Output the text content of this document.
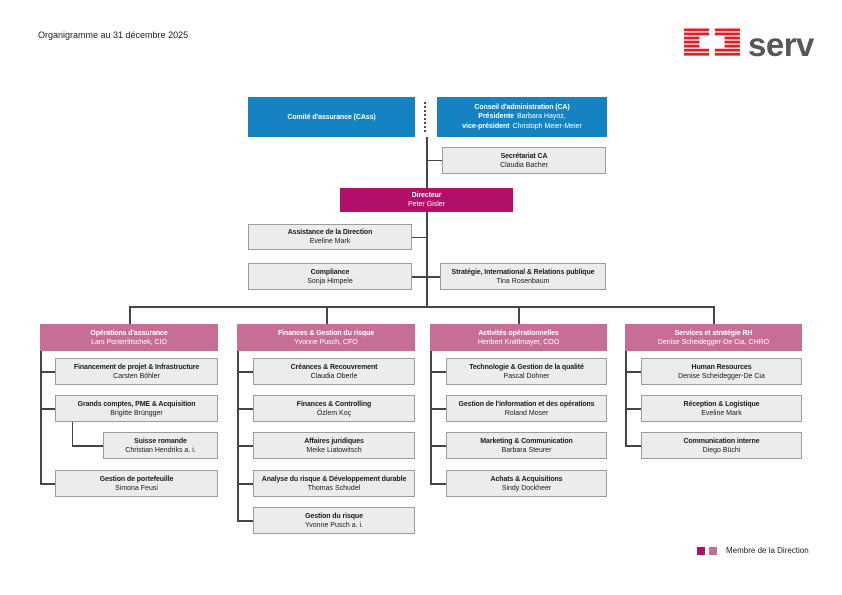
Organigramme au 31 décembre 2025	serv
Comité d'assurance (CAss)
Conseil d'administration (CA)
Présidente Barbara Hayoz,
vice-président Christoph Meier-Meier
Secrétariat CA
Claudia Bacher
Directeur
Peter Gisler
Assistance de la Direction
Eveline Mark
Compliance
Sonja Himpele
Stratégie, International & Relations publique
Tina Rosenbaum
Opérations d'assurance
Lars Ponterlitschek, CIO
Financement de projet & Infrastructure
Carsten Böhler
Grands comptes, PME & Acquisition
Brigitte Brüngger
Suisse romande
Christian Hendriks a. i.
Gestion de portefeuille
Simona Feusi
Finances & Gestion du risque
Yvonne Pusch, CFO
Créances & Recouvrement
Claudia Oberle
Finances & Controlling
Özlem Koç
Affaires juridiques
Meike Liatowitsch
Analyse du risque & Développement durable
Thomas Schudel
Gestion du risque
Yvonne Pusch a. i.
Activités opérationnelles
Heribert Knittlmayer, COO
Technologie & Gestion de la qualité
Pascal Dohner
Gestion de l'information et des opérations
Roland Moser
Marketing & Communication
Barbara Steurer
Achats & Acquisitions
Sindy Dockheer
Services et stratégie RH
Denise Scheidegger-De Cia, CHRO
Human Resources
Denise Scheidegger-De Cia
Réception & Logistique
Eveline Mark
Communication interne
Diego Büchi
Membre de la Direction
